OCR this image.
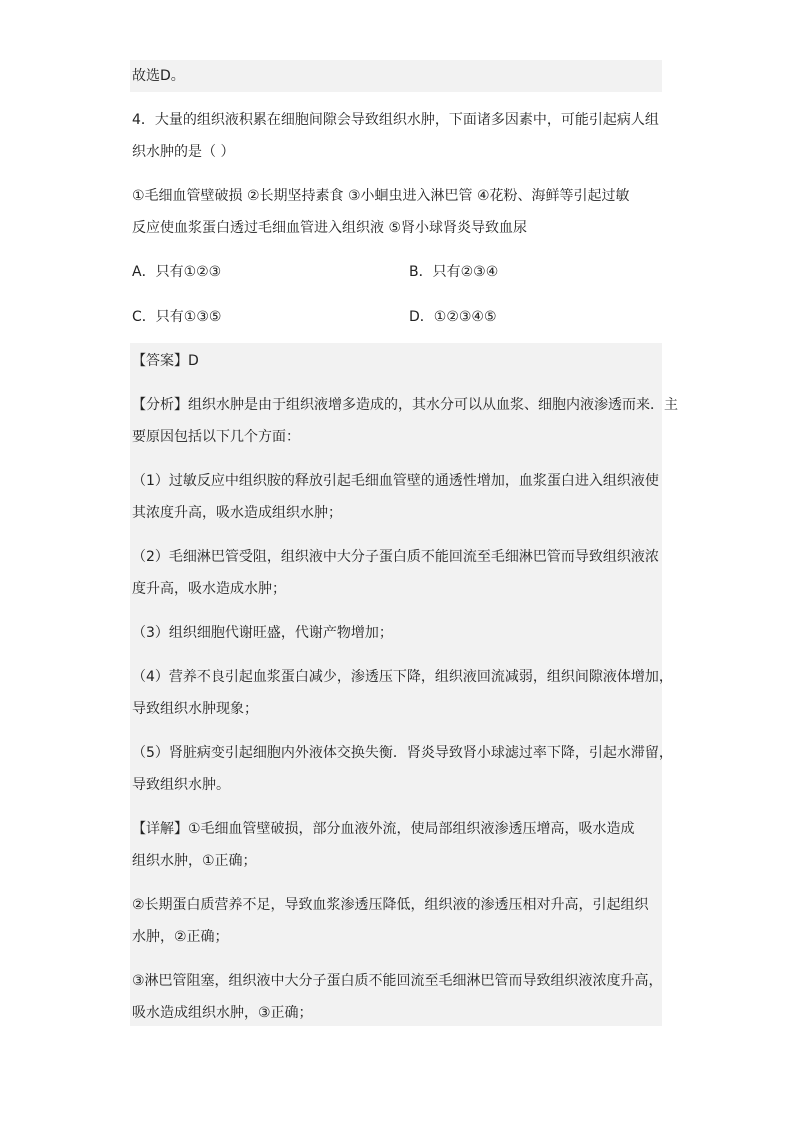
故选D。
4．大量的组织液积累在细胞间隙会导致组织水肿，下面诸多因素中，可能引起病人组
织水肿的是（ ）
①毛细血管壁破损 ②长期坚持素食 ③小蛔虫进入淋巴管 ④花粉、海鲜等引起过敏
反应使血浆蛋白透过毛细血管进入组织液 ⑤肾小球肾炎导致血尿
A．只有①②③	B．只有②③④
C．只有①③⑤	D．①②③④⑤
【答案】D
【分析】组织水肿是由于组织液增多造成的，其水分可以从血浆、细胞内液渗透而来．主
要原因包括以下几个方面：
（1）过敏反应中组织胺的释放引起毛细血管壁的通透性增加，血浆蛋白进入组织液使
其浓度升高，吸水造成组织水肿；
（2）毛细淋巴管受阻，组织液中大分子蛋白质不能回流至毛细淋巴管而导致组织液浓
度升高，吸水造成水肿；
（3）组织细胞代谢旺盛，代谢产物增加；
（4）营养不良引起血浆蛋白减少，渗透压下降，组织液回流减弱，组织间隙液体增加，
导致组织水肿现象；
（5）肾脏病变引起细胞内外液体交换失衡．肾炎导致肾小球滤过率下降，引起水滞留，
导致组织水肿。
【详解】①毛细血管壁破损，部分血液外流，使局部组织液渗透压增高，吸水造成
组织水肿，①正确；
②长期蛋白质营养不足，导致血浆渗透压降低，组织液的渗透压相对升高，引起组织
水肿，②正确；
③淋巴管阻塞，组织液中大分子蛋白质不能回流至毛细淋巴管而导致组织液浓度升高，
吸水造成组织水肿，③正确；
